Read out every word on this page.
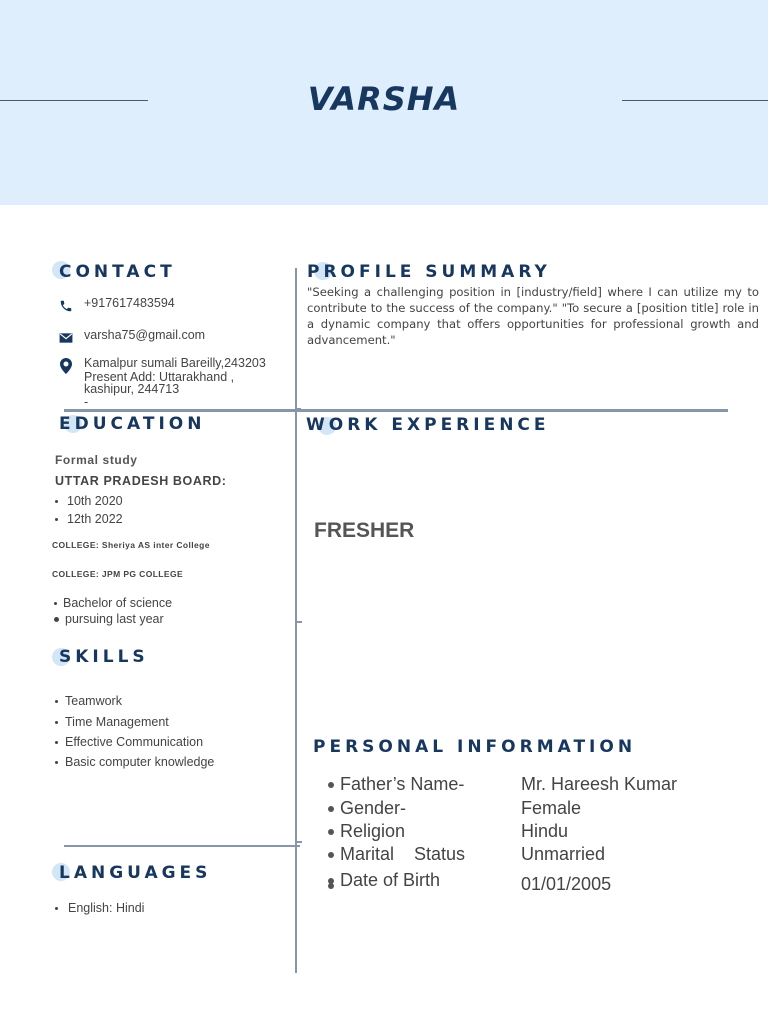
VARSHA
CONTACT
+917617483594
varsha75@gmail.com
Kamalpur sumali Bareilly,243203
Present Add: Uttarakhand ,
kashipur, 244713
-
PROFILE SUMMARY
"Seeking a challenging position in [industry/field] where I can utilize my to contribute to the success of the company." "To secure a [position title] role in a dynamic company that offers opportunities for professional growth and advancement."
EDUCATION
Formal study
UTTAR PRADESH BOARD:
10th 2020
12th 2022
COLLEGE: Sheriya AS inter College
COLLEGE: JPM PG COLLEGE
Bachelor of science
pursuing last year
WORK EXPERIENCE
FRESHER
SKILLS
Teamwork
Time Management
Effective Communication
Basic computer knowledge
LANGUAGES
English: Hindi
PERSONAL INFORMATION
Father’s Name-	Mr. Hareesh Kumar
Gender-	Female
Religion	Hindu
Marital    Status	Unmarried
Date of Birth	01/01/2005
